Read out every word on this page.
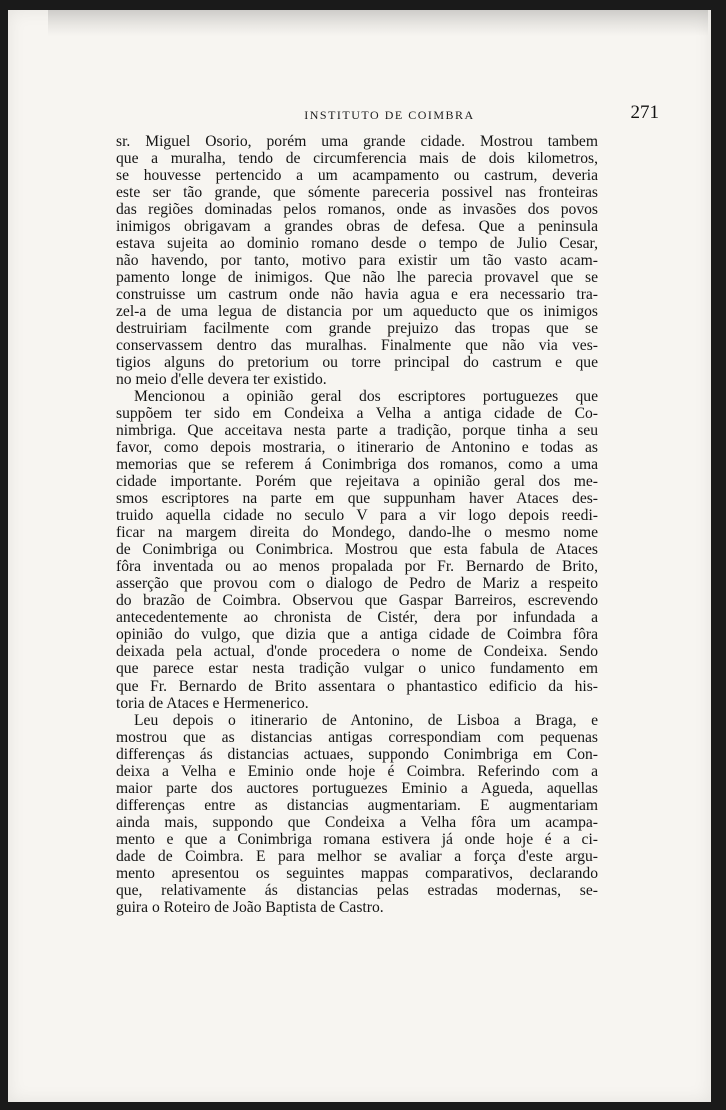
INSTITUTO DE COIMBRA	271
sr. Miguel Osorio, porém uma grande cidade. Mostrou tambem
que a muralha, tendo de circumferencia mais de dois kilometros,
se houvesse pertencido a um acampamento ou castrum, deveria
este ser tão grande, que sómente pareceria possivel nas fronteiras
das regiões dominadas pelos romanos, onde as invasões dos povos
inimigos obrigavam a grandes obras de defesa. Que a peninsula
estava sujeita ao dominio romano desde o tempo de Julio Cesar,
não havendo, por tanto, motivo para existir um tão vasto acam-
pamento longe de inimigos. Que não lhe parecia provavel que se
construisse um castrum onde não havia agua e era necessario tra-
zel-a de uma legua de distancia por um aqueducto que os inimigos
destruiriam facilmente com grande prejuizo das tropas que se
conservassem dentro das muralhas. Finalmente que não via ves-
tigios alguns do pretorium ou torre principal do castrum e que
no meio d'elle devera ter existido.
Mencionou a opinião geral dos escriptores portuguezes que
suppõem ter sido em Condeixa a Velha a antiga cidade de Co-
nimbriga. Que acceitava nesta parte a tradição, porque tinha a seu
favor, como depois mostraria, o itinerario de Antonino e todas as
memorias que se referem á Conimbriga dos romanos, como a uma
cidade importante. Porém que rejeitava a opinião geral dos me-
smos escriptores na parte em que suppunham haver Ataces des-
truido aquella cidade no seculo V para a vir logo depois reedi-
ficar na margem direita do Mondego, dando-lhe o mesmo nome
de Conimbriga ou Conimbrica. Mostrou que esta fabula de Ataces
fôra inventada ou ao menos propalada por Fr. Bernardo de Brito,
asserção que provou com o dialogo de Pedro de Mariz a respeito
do brazão de Coimbra. Observou que Gaspar Barreiros, escrevendo
antecedentemente ao chronista de Cistér, dera por infundada a
opinião do vulgo, que dizia que a antiga cidade de Coimbra fôra
deixada pela actual, d'onde procedera o nome de Condeixa. Sendo
que parece estar nesta tradição vulgar o unico fundamento em
que Fr. Bernardo de Brito assentara o phantastico edificio da his-
toria de Ataces e Hermenerico.
Leu depois o itinerario de Antonino, de Lisboa a Braga, e
mostrou que as distancias antigas correspondiam com pequenas
differenças ás distancias actuaes, suppondo Conimbriga em Con-
deixa a Velha e Eminio onde hoje é Coimbra. Referindo com a
maior parte dos auctores portuguezes Eminio a Agueda, aquellas
differenças entre as distancias augmentariam. E augmentariam
ainda mais, suppondo que Condeixa a Velha fôra um acampa-
mento e que a Conimbriga romana estivera já onde hoje é a ci-
dade de Coimbra. E para melhor se avaliar a força d'este argu-
mento apresentou os seguintes mappas comparativos, declarando
que, relativamente ás distancias pelas estradas modernas, se-
guira o Roteiro de João Baptista de Castro.
